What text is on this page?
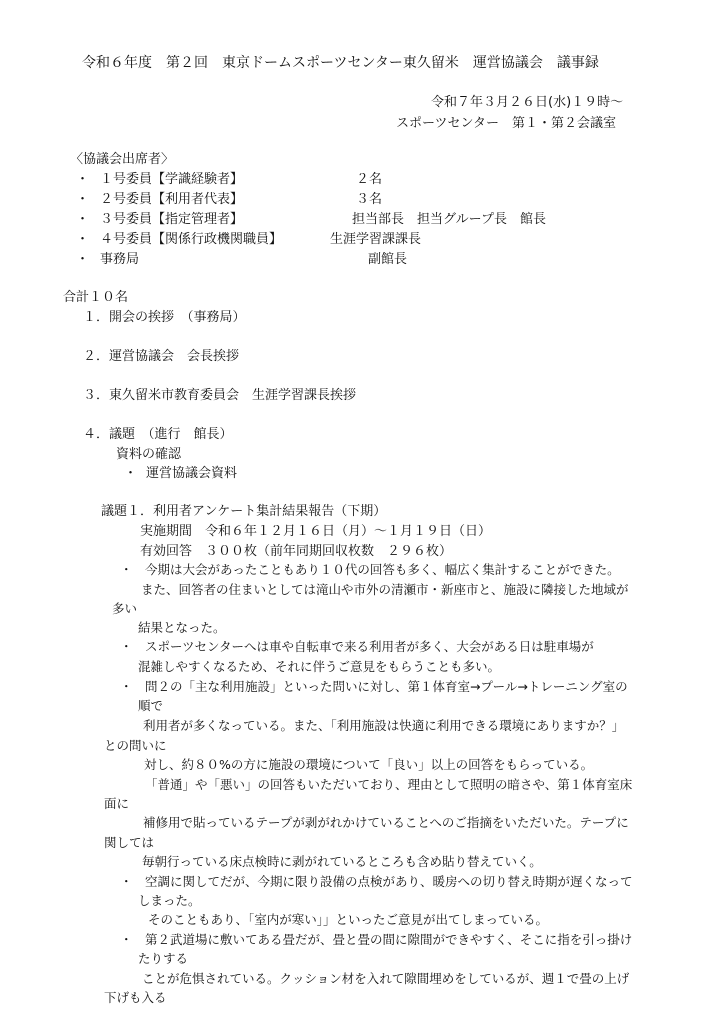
令和６年度　第２回　東京ドームスポーツセンター東久留米　運営協議会　議事録
令和７年３月２６日(水)１９時～
スポーツセンター　第１・第２会議室
〈協議会出席者〉
・ １号委員【学識経験者】	２名
・ ２号委員【利用者代表】	３名
・ ３号委員【指定管理者】	担当部長　担当グループ長　館長
・ ４号委員【関係行政機関職員】	生涯学習課課長
・ 事務局	副館長
合計１０名
１．開会の挨拶　（事務局）
２．運営協議会　会長挨拶
３．東久留米市教育委員会　生涯学習課長挨拶
４．議題　（進行　館長）
資料の確認
・ 運営協議会資料
議題１．利用者アンケート集計結果報告（下期）
実施期間　令和６年１２月１６日（月）～１月１９日（日）
有効回答　３００枚（前年同期回収枚数　２９６枚）
・　今期は大会があったこともあり１０代の回答も多く、幅広く集計することができた。
また、回答者の住まいとしては滝山や市外の清瀬市・新座市と、施設に隣接した地域が
多い
結果となった。
・　スポーツセンターへは車や自転車で来る利用者が多く、大会がある日は駐車場が
混雑しやすくなるため、それに伴うご意見をもらうことも多い。
・　問２の「主な利用施設」といった問いに対し、第１体育室→プール→トレーニング室の
順で
利用者が多くなっている。また、「利用施設は快適に利用できる環境にありますか？」
との問いに
対し、約８０%の方に施設の環境について「良い」以上の回答をもらっている。
「普通」や「悪い」の回答もいただいており、理由として照明の暗さや、第１体育室床
面に
補修用で貼っているテープが剥がれかけていることへのご指摘をいただいた。テープに
関しては
毎朝行っている床点検時に剥がれているところも含め貼り替えていく。
・　空調に関してだが、今期に限り設備の点検があり、暖房への切り替え時期が遅くなって
しまった。
そのこともあり、「室内が寒い」」といったご意見が出てしまっている。
・　第２武道場に敷いてある畳だが、畳と畳の間に隙間ができやすく、そこに指を引っ掛け
たりする
ことが危惧されている。クッション材を入れて隙間埋めをしているが、週１で畳の上げ
下げも入る
